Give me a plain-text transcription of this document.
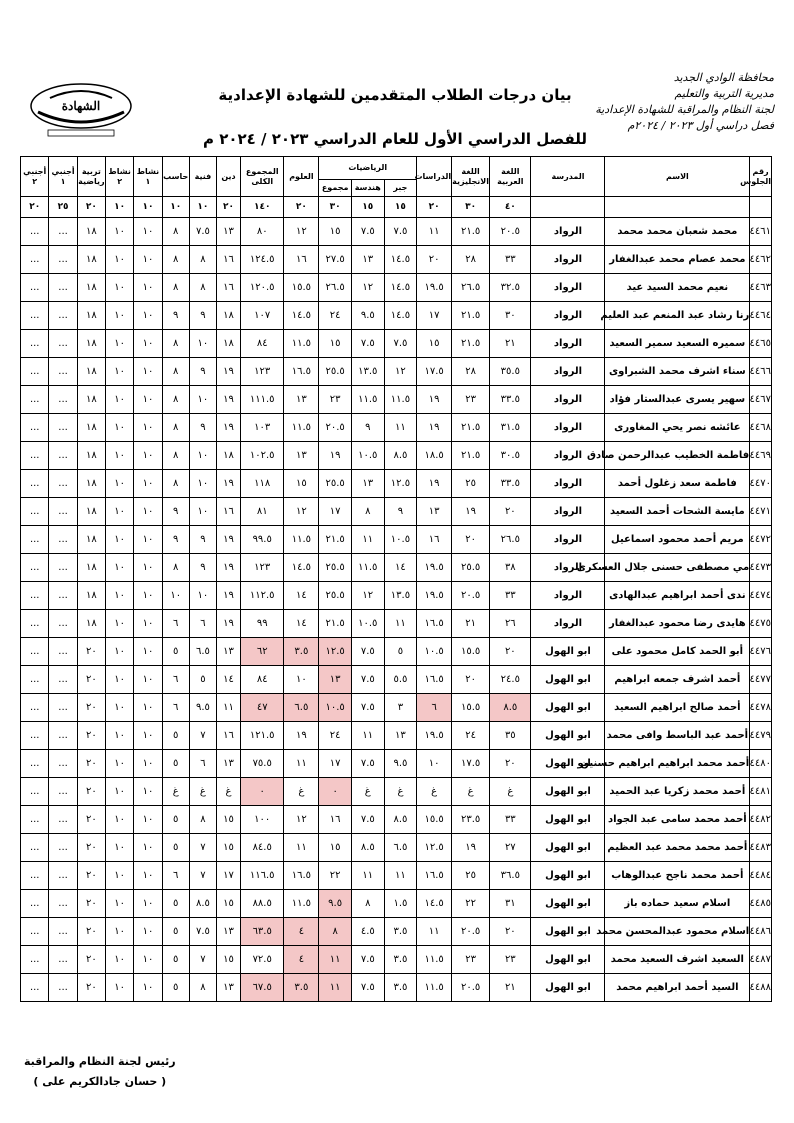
الشهادة
بيان درجات الطلاب المتقدمين للشهادة الإعدادية
للفصل الدراسي الأول للعام الدراسي ٢٠٢٣ / ٢٠٢٤ م
محافظة الوادي الجديد
مديرية التربية والتعليم
لجنة النظام والمراقبة للشهادة الإعدادية
فصل دراسي أول ٢٠٢٣ / ٢٠٢٤م
رقم الجلوس	الاسم	المدرسة	اللغة العربية	اللغة الانجليزية	الدراسات	الرياضيات			العلوم	المجموع الكلى	دين	فنية	حاسب	نشاط ١	نشاط ٢	تربية رياضية	أجنبي ١	أجنبي ٢
						جبر	هندسة	مجموع										
			٤٠	٣٠	٢٠	١٥	١٥	٣٠	٢٠	١٤٠	٢٠	١٠	١٠	١٠	١٠	٢٠	٢٥	٢٠
٤٤٦١	محمد شعبان محمد محمد	الرواد	٢٠.٥	٢١.٥	١١	٧.٥	٧.٥	١٥	١٢	٨٠	١٣	٧.٥	٨	١٠	١٠	١٨	...	...
٤٤٦٢	محمد عصام محمد عبدالغفار	الرواد	٣٣	٢٨	٢٠	١٤.٥	١٣	٢٧.٥	١٦	١٢٤.٥	١٦	٨	٨	١٠	١٠	١٨	...	...
٤٤٦٣	نعيم محمد السيد عيد	الرواد	٣٢.٥	٢٦.٥	١٩.٥	١٤.٥	١٢	٢٦.٥	١٥.٥	١٢٠.٥	١٦	٨	٨	١٠	١٠	١٨	...	...
٤٤٦٤	رنا رشاد عبد المنعم عبد العليم	الرواد	٣٠	٢١.٥	١٧	١٤.٥	٩.٥	٢٤	١٤.٥	١٠٧	١٨	٩	٩	١٠	١٠	١٨	...	...
٤٤٦٥	سميره السعيد سمير السعيد	الرواد	٢١	٢١.٥	١٥	٧.٥	٧.٥	١٥	١١.٥	٨٤	١٨	١٠	٨	١٠	١٠	١٨	...	...
٤٤٦٦	سناء اشرف محمد الشبراوى	الرواد	٣٥.٥	٢٨	١٧.٥	١٢	١٣.٥	٢٥.٥	١٦.٥	١٢٣	١٩	٩	٨	١٠	١٠	١٨	...	...
٤٤٦٧	سهير يسرى عبدالستار فؤاد	الرواد	٣٣.٥	٢٣	١٩	١١.٥	١١.٥	٢٣	١٣	١١١.٥	١٩	١٠	٨	١٠	١٠	١٨	...	...
٤٤٦٨	عائشه نصر يحي المغاورى	الرواد	٣١.٥	٢١.٥	١٩	١١	٩	٢٠.٥	١١.٥	١٠٣	١٩	٩	٨	١٠	١٠	١٨	...	...
٤٤٦٩	فاطمة الخطيب عبدالرحمن صادق	الرواد	٣٠.٥	٢١.٥	١٨.٥	٨.٥	١٠.٥	١٩	١٣	١٠٢.٥	١٨	١٠	٨	١٠	١٠	١٨	...	...
٤٤٧٠	فاطمة سعد زغلول أحمد	الرواد	٣٣.٥	٢٥	١٩	١٢.٥	١٣	٢٥.٥	١٥	١١٨	١٩	١٠	٨	١٠	١٠	١٨	...	...
٤٤٧١	مايسة الشحات أحمد السعيد	الرواد	٢٠	١٩	١٣	٩	٨	١٧	١٢	٨١	١٦	١٠	٩	١٠	١٠	١٨	...	...
٤٤٧٢	مريم أحمد محمود اسماعيل	الرواد	٢٦.٥	٢٠	١٦	١٠.٥	١١	٢١.٥	١١.٥	٩٩.٥	١٩	٩	٩	١٠	١٠	١٨	...	...
٤٤٧٣	مي مصطفى حسنى جلال العسكرى	الرواد	٣٨	٢٥.٥	١٩.٥	١٤	١١.٥	٢٥.٥	١٤.٥	١٢٣	١٩	٩	٨	١٠	١٠	١٨	...	...
٤٤٧٤	ندى أحمد ابراهيم عبدالهادى	الرواد	٣٣	٢٠.٥	١٩.٥	١٣.٥	١٢	٢٥.٥	١٤	١١٢.٥	١٩	١٠	١٠	١٠	١٠	١٨	...	...
٤٤٧٥	هايدى رضا محمود عبدالغفار	الرواد	٢٦	٢١	١٦.٥	١١	١٠.٥	٢١.٥	١٤	٩٩	١٩	٦	٦	١٠	١٠	١٨	...	...
٤٤٧٦	أبو الحمد كامل محمود على	ابو الهول	٢٠	١٥.٥	١٠.٥	٥	٧.٥	١٢.٥	٣.٥	٦٢	١٣	٦.٥	٥	١٠	١٠	٢٠	...	...
٤٤٧٧	أحمد اشرف جمعه ابراهيم	ابو الهول	٢٤.٥	٢٠	١٦.٥	٥.٥	٧.٥	١٣	١٠	٨٤	١٤	٥	٦	١٠	١٠	٢٠	...	...
٤٤٧٨	أحمد صالح ابراهيم السعيد	ابو الهول	٨.٥	١٥.٥	٦	٣	٧.٥	١٠.٥	٦.٥	٤٧	١١	٩.٥	٦	١٠	١٠	٢٠	...	...
٤٤٧٩	أحمد عبد الباسط وافى محمد	ابو الهول	٣٥	٢٤	١٩.٥	١٣	١١	٢٤	١٩	١٢١.٥	١٦	٧	٥	١٠	١٠	٢٠	...	...
٤٤٨٠	أحمد محمد ابراهيم ابراهيم حسنين	ابو الهول	٢٠	١٧.٥	١٠	٩.٥	٧.٥	١٧	١١	٧٥.٥	١٣	٦	٥	١٠	١٠	٢٠	...	...
٤٤٨١	أحمد محمد زكريا عبد الحميد	ابو الهول	غ	غ	غ	غ	غ	٠	غ	٠	غ	غ	غ	١٠	١٠	٢٠	...	...
٤٤٨٢	أحمد محمد سامى عبد الجواد	ابو الهول	٣٣	٢٣.٥	١٥.٥	٨.٥	٧.٥	١٦	١٢	١٠٠	١٥	٨	٥	١٠	١٠	٢٠	...	...
٤٤٨٣	أحمد محمد محمد عبد العظيم	ابو الهول	٢٧	١٩	١٢.٥	٦.٥	٨.٥	١٥	١١	٨٤.٥	١٥	٧	٥	١٠	١٠	٢٠	...	...
٤٤٨٤	أحمد محمد ناجح عبدالوهاب	ابو الهول	٣٦.٥	٢٥	١٦.٥	١١	١١	٢٢	١٦.٥	١١٦.٥	١٧	٧	٦	١٠	١٠	٢٠	...	...
٤٤٨٥	اسلام سعيد حماده باز	ابو الهول	٣١	٢٢	١٤.٥	١.٥	٨	٩.٥	١١.٥	٨٨.٥	١٥	٨.٥	٥	١٠	١٠	٢٠	...	...
٤٤٨٦	اسلام محمود عبدالمحسن محمد	ابو الهول	٢٠	٢٠.٥	١١	٣.٥	٤.٥	٨	٤	٦٣.٥	١٣	٧.٥	٥	١٠	١٠	٢٠	...	...
٤٤٨٧	السعيد اشرف السعيد محمد	ابو الهول	٢٣	٢٣	١١.٥	٣.٥	٧.٥	١١	٤	٧٢.٥	١٥	٧	٥	١٠	١٠	٢٠	...	...
٤٤٨٨	السيد أحمد ابراهيم محمد	ابو الهول	٢١	٢٠.٥	١١.٥	٣.٥	٧.٥	١١	٣.٥	٦٧.٥	١٣	٨	٥	١٠	١٠	٢٠	...	...
رئيس لجنة النظام والمراقبة
( حسان جادالكريم على )
